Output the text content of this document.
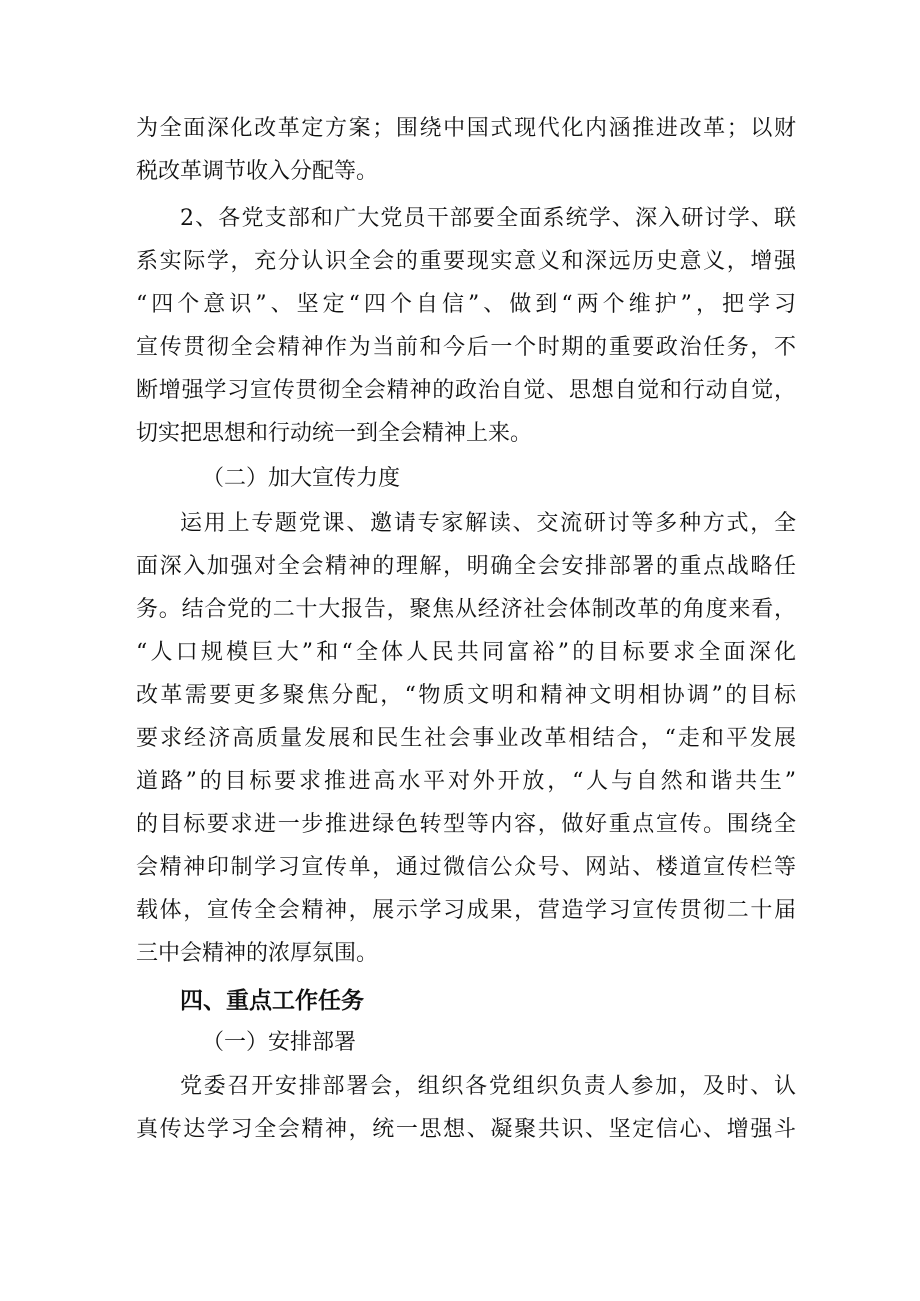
为全面深化改革定方案；围绕中国式现代化内涵推进改革；以财
税改革调节收入分配等。
2、各党支部和广大党员干部要全面系统学、深入研讨学、联
系实际学，充分认识全会的重要现实意义和深远历史意义，增强
“四个意识”、坚定“四个自信”、做到“两个维护”，把学习
宣传贯彻全会精神作为当前和今后一个时期的重要政治任务，不
断增强学习宣传贯彻全会精神的政治自觉、思想自觉和行动自觉，
切实把思想和行动统一到全会精神上来。
（二）加大宣传力度
运用上专题党课、邀请专家解读、交流研讨等多种方式，全
面深入加强对全会精神的理解，明确全会安排部署的重点战略任
务。结合党的二十大报告，聚焦从经济社会体制改革的角度来看，
“人口规模巨大”和“全体人民共同富裕”的目标要求全面深化
改革需要更多聚焦分配，“物质文明和精神文明相协调”的目标
要求经济高质量发展和民生社会事业改革相结合，“走和平发展
道路”的目标要求推进高水平对外开放，“人与自然和谐共生”
的目标要求进一步推进绿色转型等内容，做好重点宣传。围绕全
会精神印制学习宣传单，通过微信公众号、网站、楼道宣传栏等
载体，宣传全会精神，展示学习成果，营造学习宣传贯彻二十届
三中会精神的浓厚氛围。
四、重点工作任务
（一）安排部署
党委召开安排部署会，组织各党组织负责人参加，及时、认
真传达学习全会精神，统一思想、凝聚共识、坚定信心、增强斗
